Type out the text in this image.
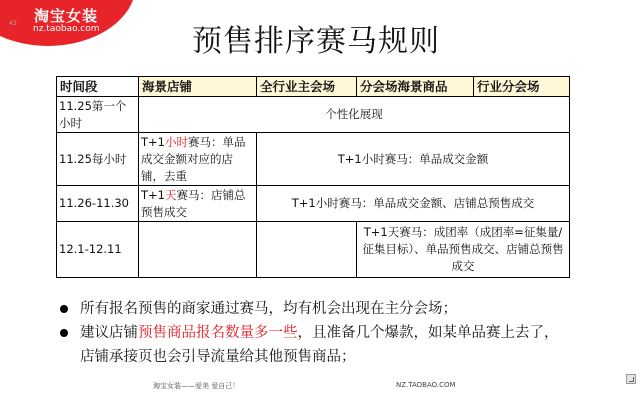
淘宝女装
nz.taobao.com
43
预售排序赛马规则
时间段	海景店铺	全行业主会场	分会场海景商品	行业分会场
11.25第一个小时	个性化展现			
11.25每小时	T+1小时赛马：单品成交金额对应的店铺，去重	T+1小时赛马：单品成交金额		
11.26-11.30	T+1天赛马：店铺总预售成交	T+1小时赛马：单品成交金额、店铺总预售成交		
12.1-12.11			T+1天赛马：成团率（成团率=征集量/征集目标）、单品预售成交、店铺总预售成交	
所有报名预售的商家通过赛马，均有机会出现在主分会场；
建议店铺预售商品报名数量多一些，且准备几个爆款，如某单品赛上去了，
店铺承接页也会引导流量给其他预售商品；
淘宝女装——爱美 爱自己！	NZ.TAOBAO.COM
